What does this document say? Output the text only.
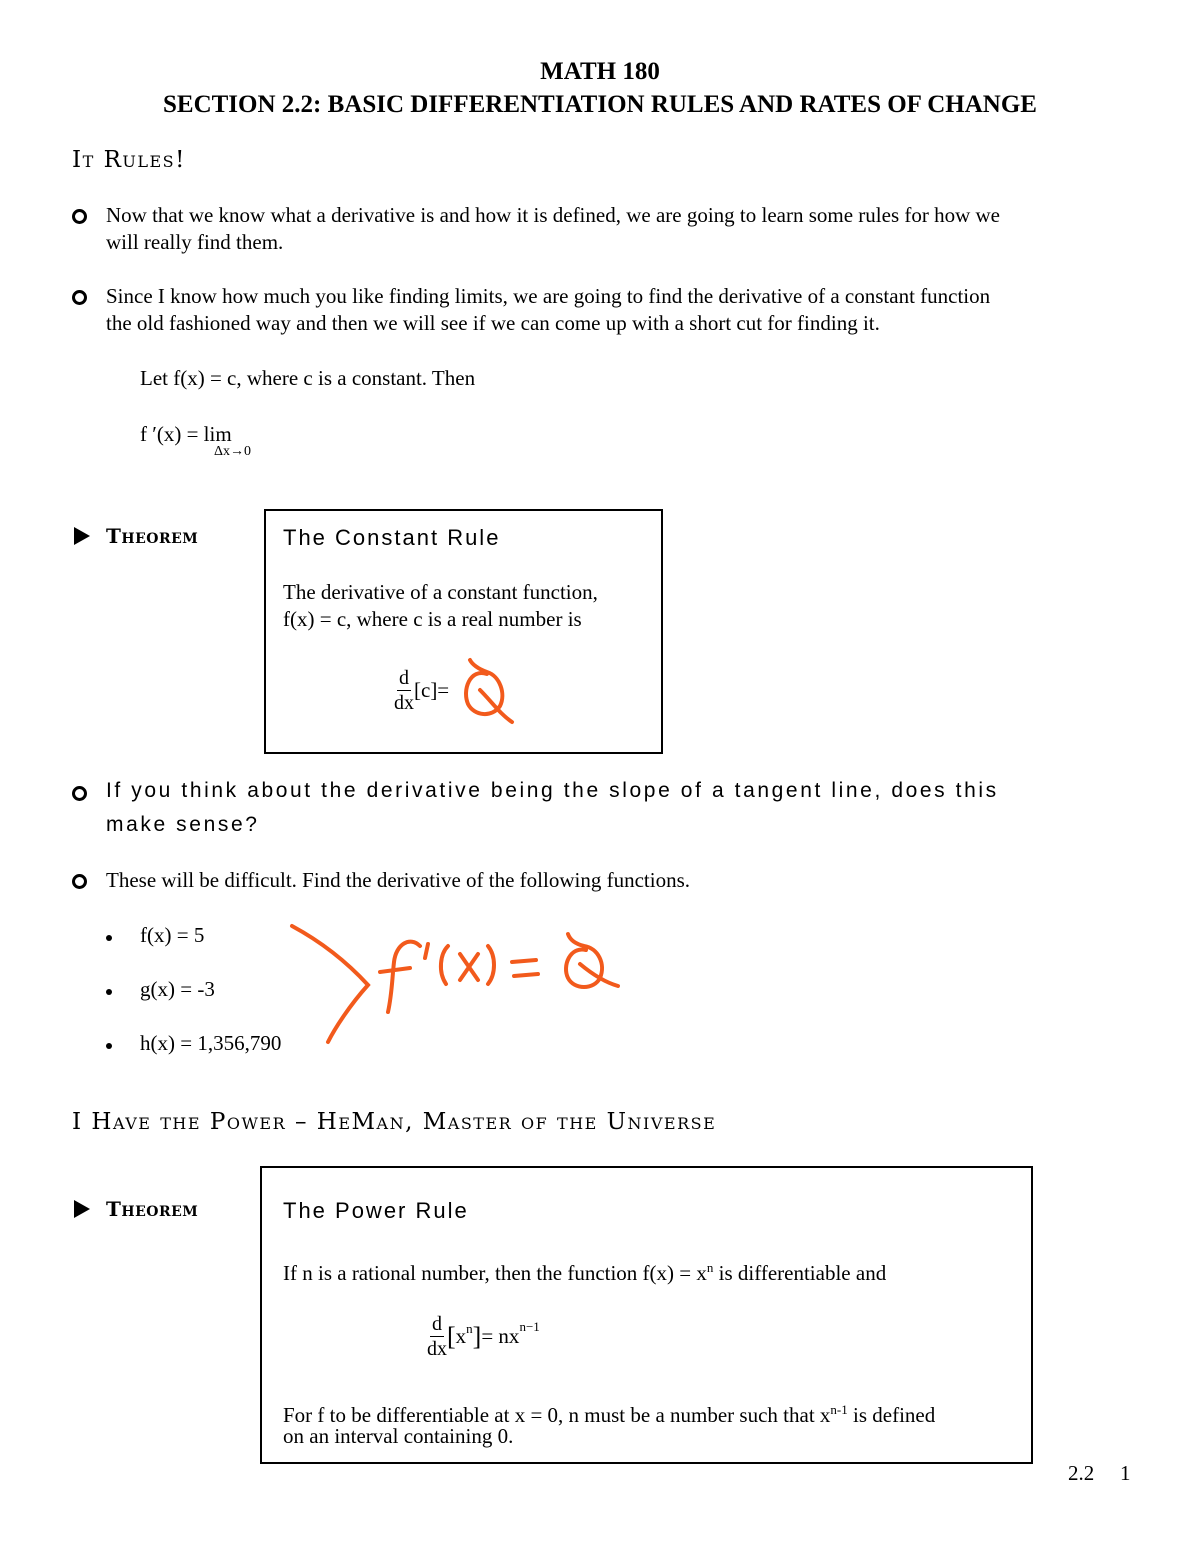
MATH 180
SECTION 2.2: BASIC DIFFERENTIATION RULES AND RATES OF CHANGE
It Rules!
Now that we know what a derivative is and how it is defined, we are going to learn some rules for how we
will really find them.
Since I know how much you like finding limits, we are going to find the derivative of a constant function
the old fashioned way and then we will see if we can come up with a short cut for finding it.
Let f(x) = c, where c is a constant. Then
f ′(x) = lim
Δx→0
Theorem	The Constant Rule
The derivative of a constant function,
f(x) = c, where c is a real number is
$\frac{d}{dx} [c]=$
If you think about the derivative being the slope of a tangent line, does this
make sense?
These will be difficult. Find the derivative of the following functions.
f(x) = 5
g(x) = -3
h(x) = 1,356,790
I Have the Power – HeMan, Master of the Universe
Theorem	The Power Rule
If n is a rational number, then the function $f(x) = x^n$ is differentiable and
$\frac{d}{dx} [x^n]= nx^{n-1}$
For f to be differentiable at x = 0, n must be a number such that $x^{n-1}$ is defined
on an interval containing 0.
2.2 1
